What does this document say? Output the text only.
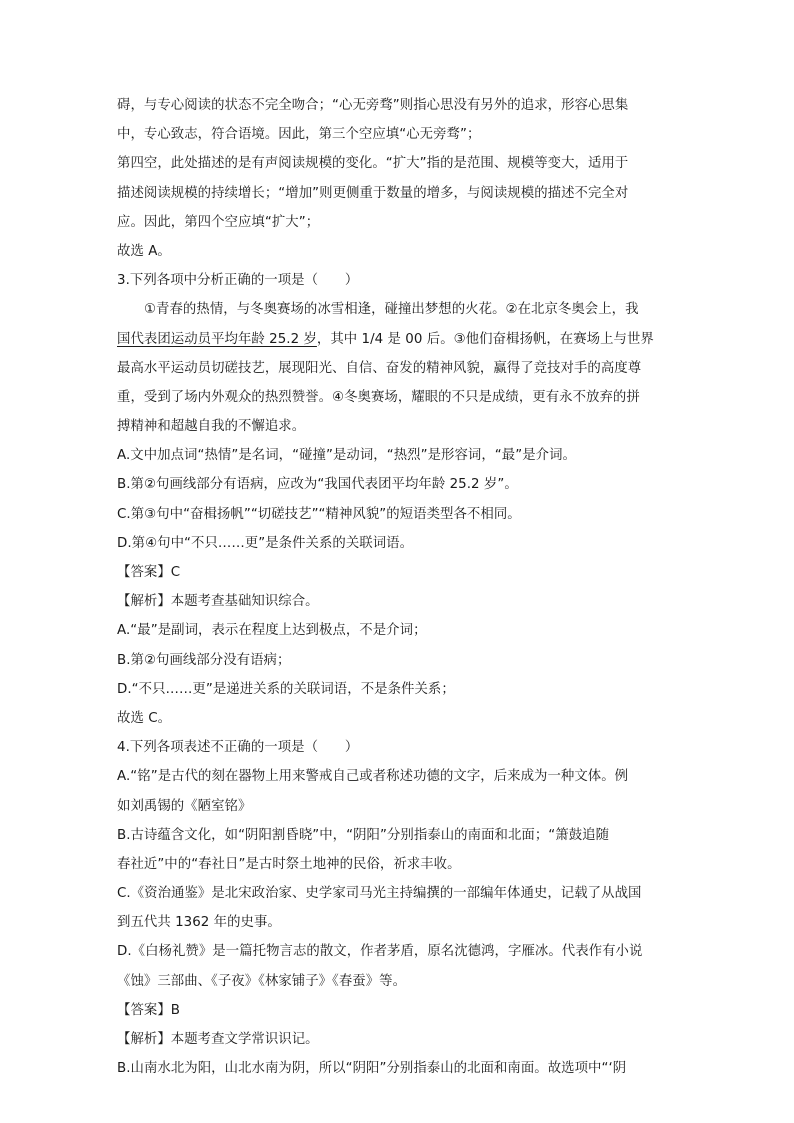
碍，与专心阅读的状态不完全吻合；“心无旁骛”则指心思没有另外的追求，形容心思集
中，专心致志，符合语境。因此，第三个空应填“心无旁骛”；
第四空，此处描述的是有声阅读规模的变化。“扩大”指的是范围、规模等变大，适用于
描述阅读规模的持续增长；“增加”则更侧重于数量的增多，与阅读规模的描述不完全对
应。因此，第四个空应填“扩大”；
故选 A。
3.下列各项中分析正确的一项是（　　）
①青春的热情，与冬奥赛场的冰雪相逢，碰撞出梦想的火花。②在北京冬奥会上，我
国代表团运动员平均年龄 25.2 岁，其中 1/4 是 00 后。③他们奋楫扬帆，在赛场上与世界
最高水平运动员切磋技艺，展现阳光、自信、奋发的精神风貌，赢得了竞技对手的高度尊
重，受到了场内外观众的热烈赞誉。④冬奥赛场，耀眼的不只是成绩，更有永不放弃的拼
搏精神和超越自我的不懈追求。
A.文中加点词“热情”是名词，“碰撞”是动词，“热烈”是形容词，“最”是介词。
B.第②句画线部分有语病，应改为“我国代表团平均年龄 25.2 岁”。
C.第③句中“奋楫扬帆”“切磋技艺”“精神风貌”的短语类型各不相同。
D.第④句中“不只……更”是条件关系的关联词语。
【答案】C
【解析】本题考查基础知识综合。
A.“最”是副词，表示在程度上达到极点，不是介词；
B.第②句画线部分没有语病；
D.“不只……更”是递进关系的关联词语，不是条件关系；
故选 C。
4.下列各项表述不正确的一项是（　　）
A.“铭”是古代的刻在器物上用来警戒自己或者称述功德的文字，后来成为一种文体。例
如刘禹锡的《陋室铭》
B.古诗蕴含文化，如“阴阳割昏晓”中，“阴阳”分别指泰山的南面和北面；“箫鼓追随
春社近”中的“春社日”是古时祭土地神的民俗，祈求丰收。
C.《资治通鉴》是北宋政治家、史学家司马光主持编撰的一部编年体通史，记载了从战国
到五代共 1362 年的史事。
D.《白杨礼赞》是一篇托物言志的散文，作者茅盾，原名沈德鸿，字雁冰。代表作有小说
《蚀》三部曲、《子夜》《林家铺子》《春蚕》等。
【答案】B
【解析】本题考查文学常识识记。
B.山南水北为阳，山北水南为阴，所以“阴阳”分别指泰山的北面和南面。故选项中“‘阴
